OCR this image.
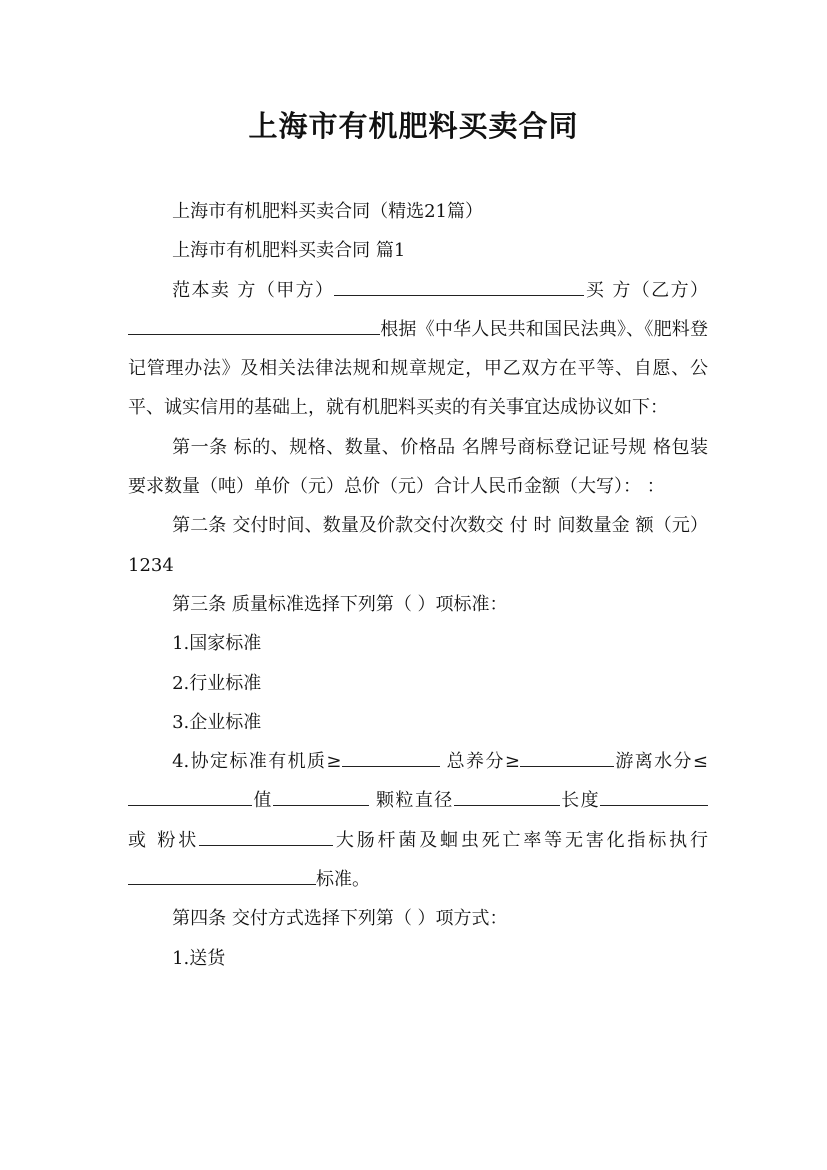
上海市有机肥料买卖合同

上海市有机肥料买卖合同（精选21篇）

上海市有机肥料买卖合同 篇1

范本卖 方（甲方）	买 方（乙方）根据《中华人民共和国民法典》、《肥料登记管理办法》及相关法律法规和规章规定，甲乙双方在平等、自愿、公平、诚实信用的基础上，就有机肥料买卖的有关事宜达成协议如下：

第一条 标的、规格、数量、价格品 名牌号商标登记证号规 格包装要求数量（吨）单价（元）总价（元）合计人民币金额（大写）： ：

第二条 交付时间、数量及价款交付次数交 付 时 间数量金 额（元）1234

第三条 质量标准选择下列第（ ）项标准：

1.国家标准

2.行业标准

3.企业标准

4.协定标准有机质≥	总养分≥	游离水分≤ 值	颗粒直径	长度 或 粉状	大肠杆菌及蛔虫死亡率等无害化指标执行标准。

第四条 交付方式选择下列第（ ）项方式：

1.送货
